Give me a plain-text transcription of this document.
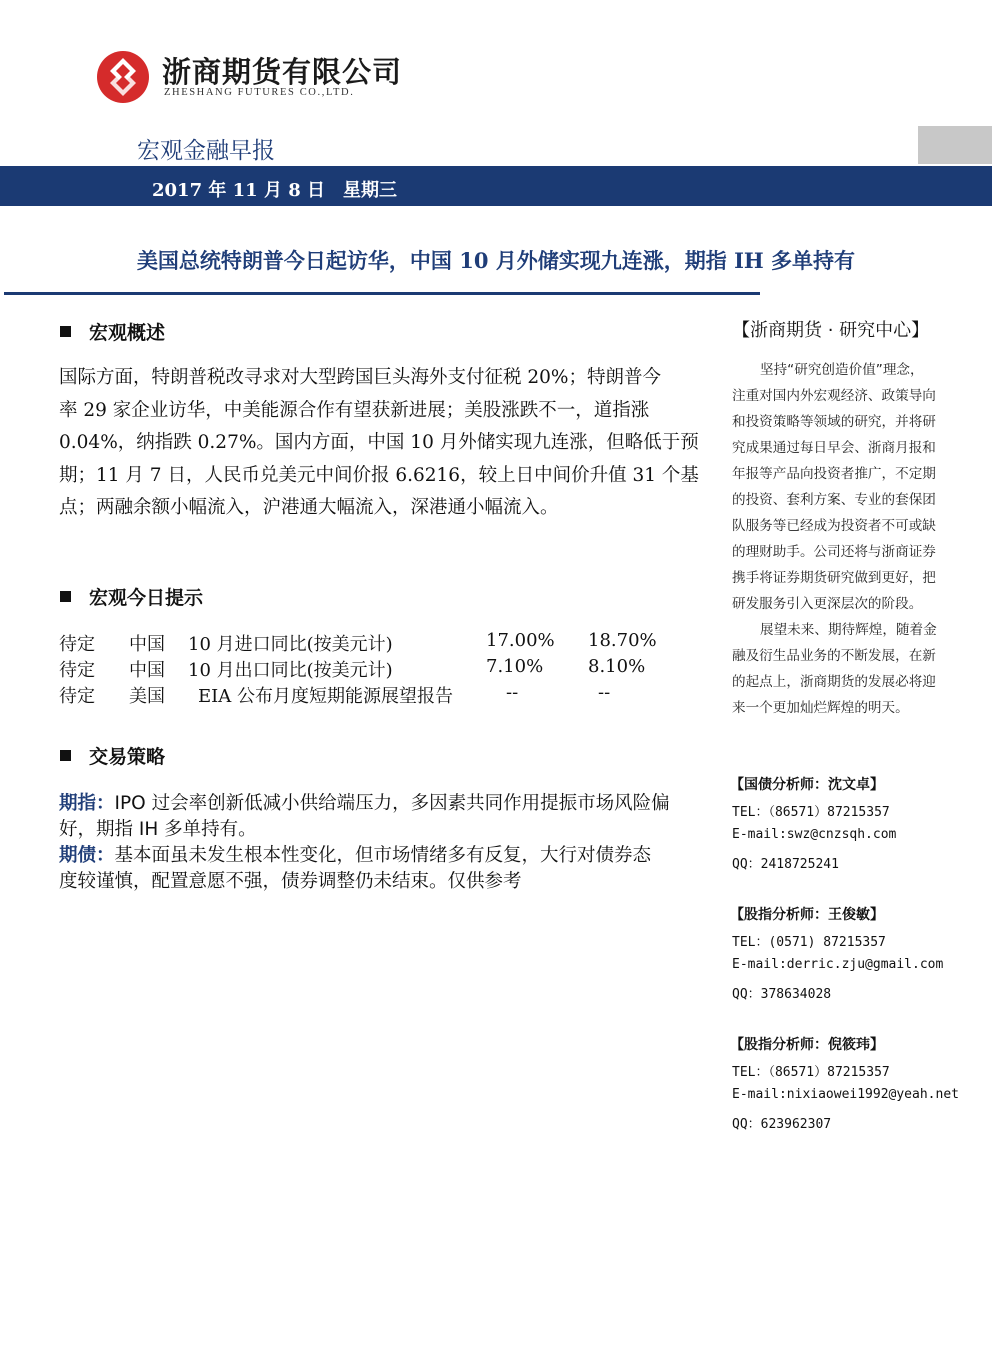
浙商期货有限公司
ZHESHANG FUTURES CO.,LTD.
宏观金融早报
2017 年 11 月 8 日　星期三
美国总统特朗普今日起访华，中国 10 月外储实现九连涨，期指 IH 多单持有
宏观概述
国际方面，特朗普税改寻求对大型跨国巨头海外支付征税 20%；特朗普今
率 29 家企业访华，中美能源合作有望获新进展；美股涨跌不一，道指涨
0.04%，纳指跌 0.27%。国内方面，中国 10 月外储实现九连涨，但略低于预
期；11 月 7 日，人民币兑美元中间价报 6.6216，较上日中间价升值 31 个基
点；两融余额小幅流入，沪港通大幅流入，深港通小幅流入。
宏观今日提示
待定 中国 10 月进口同比(按美元计)	17.00% 18.70%
待定 中国 10 月出口同比(按美元计)	7.10% 8.10%
待定 美国 EIA 公布月度短期能源展望报告	--	--
交易策略
期指：IPO 过会率创新低减小供给端压力，多因素共同作用提振市场风险偏
好，期指 IH 多单持有。
期债：基本面虽未发生根本性变化，但市场情绪多有反复，大行对债券态
度较谨慎，配置意愿不强，债券调整仍未结束。仅供参考
【浙商期货 · 研究中心】
坚持“研究创造价值”理念，
注重对国内外宏观经济、政策导向
和投资策略等领域的研究，并将研
究成果通过每日早会、浙商月报和
年报等产品向投资者推广，不定期
的投资、套利方案、专业的套保团
队服务等已经成为投资者不可或缺
的理财助手。公司还将与浙商证券
携手将证券期货研究做到更好，把
研发服务引入更深层次的阶段。
展望未来、期待辉煌，随着金
融及衍生品业务的不断发展，在新
的起点上，浙商期货的发展必将迎
来一个更加灿烂辉煌的明天。
【国债分析师：沈文卓】
TEL：（86571）87215357
E-mail:swz@cnzsqh.com
QQ：2418725241
【股指分析师：王俊敏】
TEL：(0571) 87215357
E-mail:derric.zju@gmail.com
QQ：378634028
【股指分析师：倪筱玮】
TEL：（86571）87215357
E-mail:nixiaowei1992@yeah.net
QQ：623962307
